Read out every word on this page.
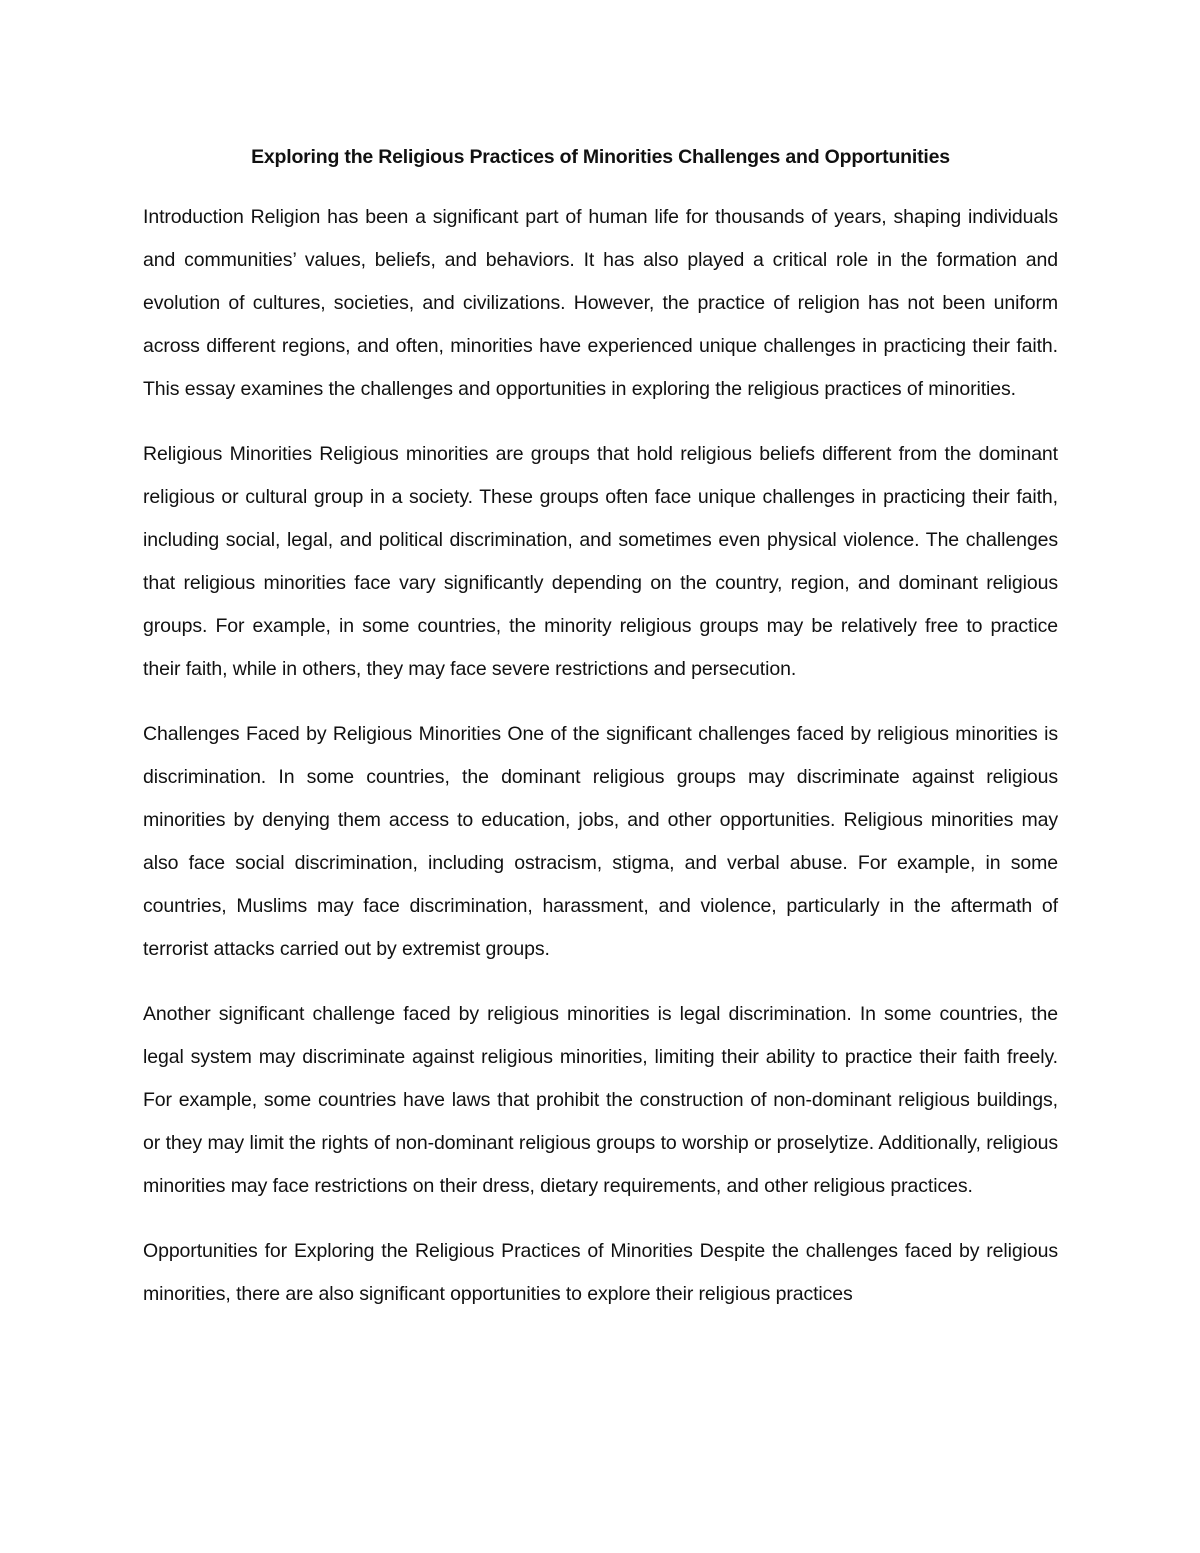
Exploring the Religious Practices of Minorities Challenges and Opportunities

Introduction Religion has been a significant part of human life for thousands of years, shaping individuals and communities’ values, beliefs, and behaviors. It has also played a critical role in the formation and evolution of cultures, societies, and civilizations. However, the practice of religion has not been uniform across different regions, and often, minorities have experienced unique challenges in practicing their faith. This essay examines the challenges and opportunities in exploring the religious practices of minorities.

Religious Minorities Religious minorities are groups that hold religious beliefs different from the dominant religious or cultural group in a society. These groups often face unique challenges in practicing their faith, including social, legal, and political discrimination, and sometimes even physical violence. The challenges that religious minorities face vary significantly depending on the country, region, and dominant religious groups. For example, in some countries, the minority religious groups may be relatively free to practice their faith, while in others, they may face severe restrictions and persecution.

Challenges Faced by Religious Minorities One of the significant challenges faced by religious minorities is discrimination. In some countries, the dominant religious groups may discriminate against religious minorities by denying them access to education, jobs, and other opportunities. Religious minorities may also face social discrimination, including ostracism, stigma, and verbal abuse. For example, in some countries, Muslims may face discrimination, harassment, and violence, particularly in the aftermath of terrorist attacks carried out by extremist groups.

Another significant challenge faced by religious minorities is legal discrimination. In some countries, the legal system may discriminate against religious minorities, limiting their ability to practice their faith freely. For example, some countries have laws that prohibit the construction of non-dominant religious buildings, or they may limit the rights of non-dominant religious groups to worship or proselytize. Additionally, religious minorities may face restrictions on their dress, dietary requirements, and other religious practices.

Opportunities for Exploring the Religious Practices of Minorities Despite the challenges faced by religious minorities, there are also significant opportunities to explore their religious practices
